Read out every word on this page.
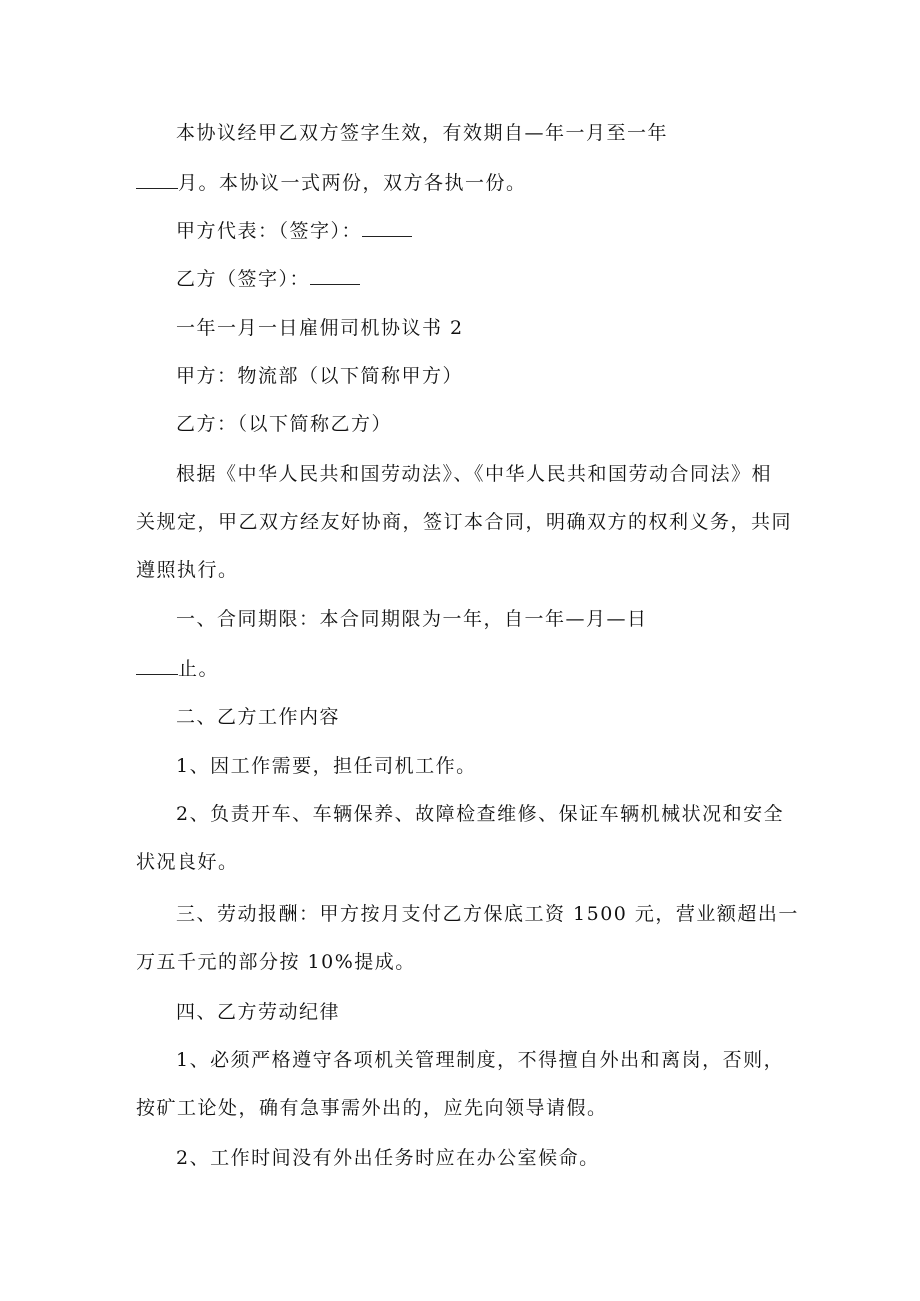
本协议经甲乙双方签字生效，有效期自—年一月至一年
月。本协议一式两份，双方各执一份。
甲方代表：（签字）：
乙方（签字）：
一年一月一日雇佣司机协议书 2
甲方：物流部（以下简称甲方）
乙方：（以下简称乙方）
根据《中华人民共和国劳动法》、《中华人民共和国劳动合同法》相
关规定，甲乙双方经友好协商，签订本合同，明确双方的权利义务，共同
遵照执行。
一、合同期限：本合同期限为一年，自一年—月—日
止。
二、乙方工作内容
1、因工作需要，担任司机工作。
2、负责开车、车辆保养、故障检查维修、保证车辆机械状况和安全
状况良好。
三、劳动报酬：甲方按月支付乙方保底工资 1500 元，营业额超出一
万五千元的部分按 10%提成。
四、乙方劳动纪律
1、必须严格遵守各项机关管理制度，不得擅自外出和离岗，否则，
按矿工论处，确有急事需外出的，应先向领导请假。
2、工作时间没有外出任务时应在办公室候命。
